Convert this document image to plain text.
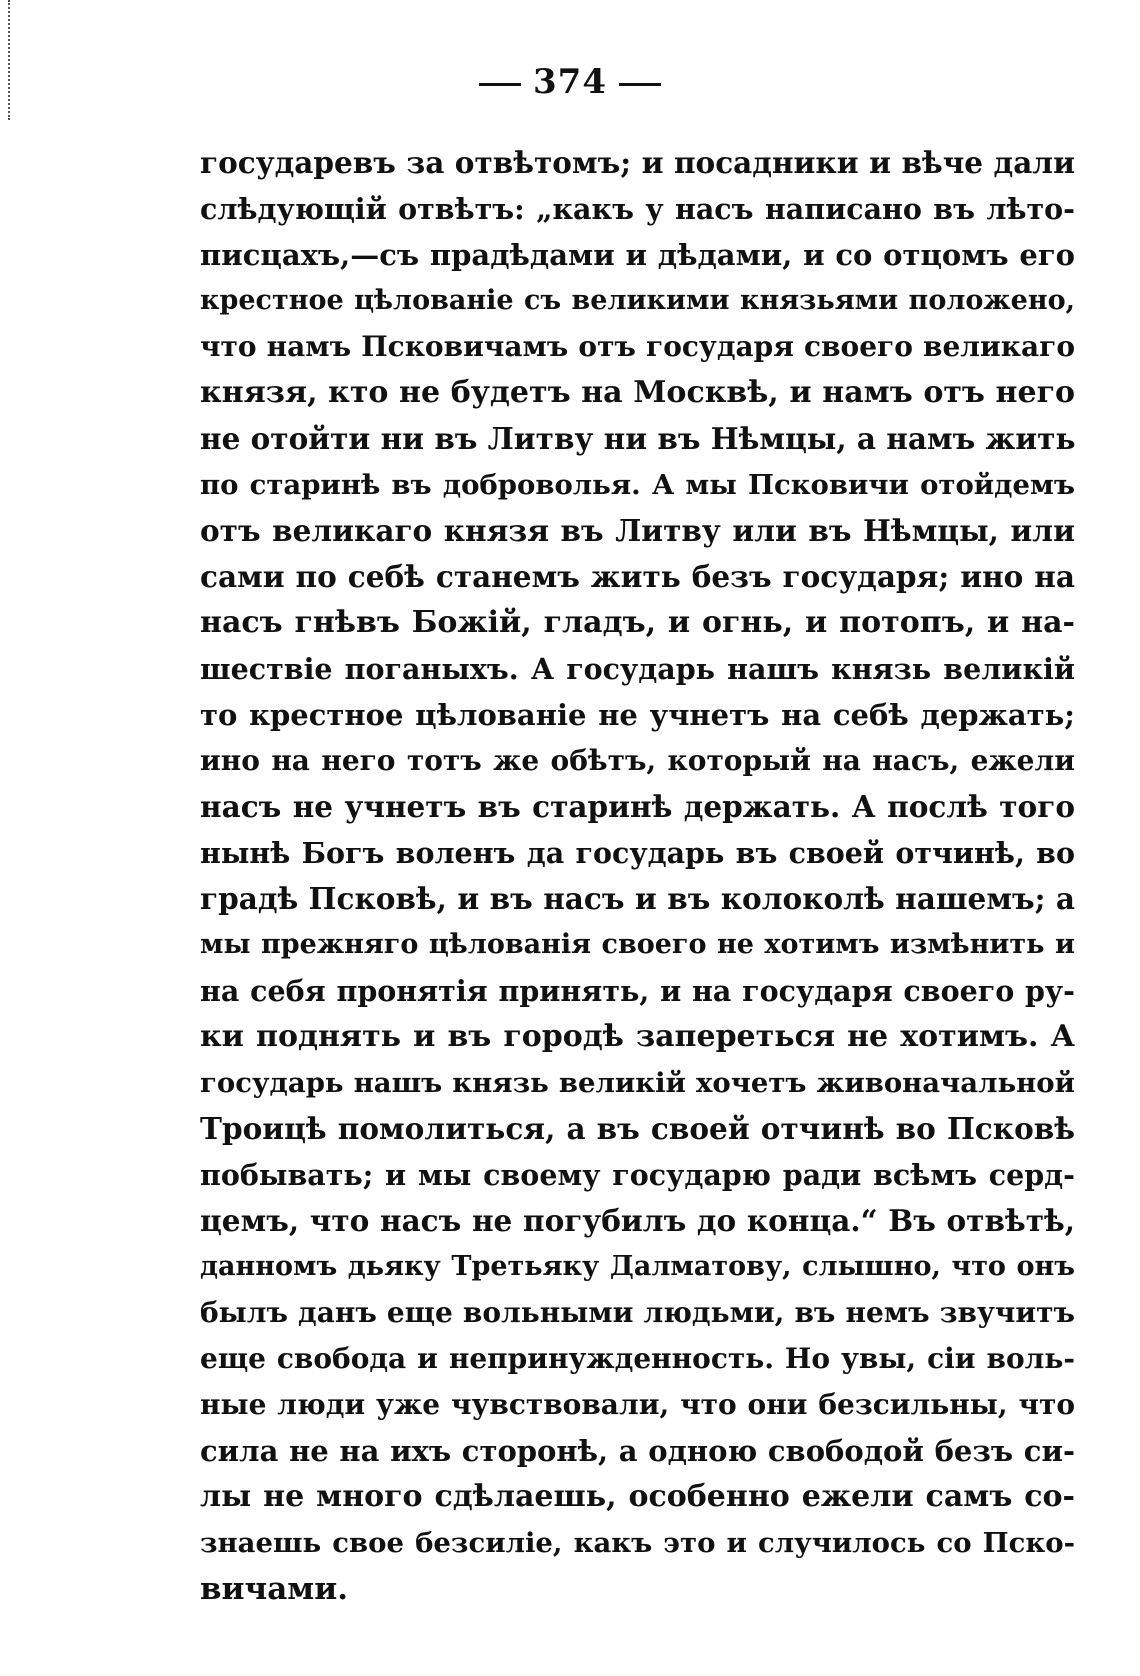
374
государевъ за отвѣтомъ; и посадники и вѣче дали
слѣдующій отвѣтъ: „какъ у насъ написано въ лѣто-
писцахъ,—съ прадѣдами и дѣдами, и со отцомъ его
крестное цѣлованіе съ великими князьями положено,
что намъ Псковичамъ отъ государя своего великаго
князя, кто не будетъ на Москвѣ, и намъ отъ него
не отойти ни въ Литву ни въ Нѣмцы, а намъ жить
по старинѣ въ доброволья. А мы Псковичи отойдемъ
отъ великаго князя въ Литву или въ Нѣмцы, или
сами по себѣ станемъ жить безъ государя; ино на
насъ гнѣвъ Божій, гладъ, и огнь, и потопъ, и на-
шествіе поганыхъ. А государь нашъ князь великій
то крестное цѣлованіе не учнетъ на себѣ держать;
ино на него тотъ же обѣтъ, который на насъ, ежели
насъ не учнетъ въ старинѣ держать. А послѣ того
нынѣ Богъ воленъ да государь въ своей отчинѣ, во
градѣ Псковѣ, и въ насъ и въ колоколѣ нашемъ; а
мы прежняго цѣлованія своего не хотимъ измѣнить и
на себя пронятія принять, и на государя своего ру-
ки поднять и въ городѣ запереться не хотимъ. А
государь нашъ князь великій хочетъ живоначальной
Троицѣ помолиться, а въ своей отчинѣ во Псковѣ
побывать; и мы своему государю ради всѣмъ серд-
цемъ, что насъ не погубилъ до конца.“ Въ отвѣтѣ,
данномъ дьяку Третьяку Далматову, слышно, что онъ
былъ данъ еще вольными людьми, въ немъ звучитъ
еще свобода и непринужденность. Но увы, сіи воль-
ные люди уже чувствовали, что они безсильны, что
сила не на ихъ сторонѣ, а одною свободой безъ си-
лы не много сдѣлаешь, особенно ежели самъ со-
знаешь свое безсиліе, какъ это и случилось со Пско-
вичами.
